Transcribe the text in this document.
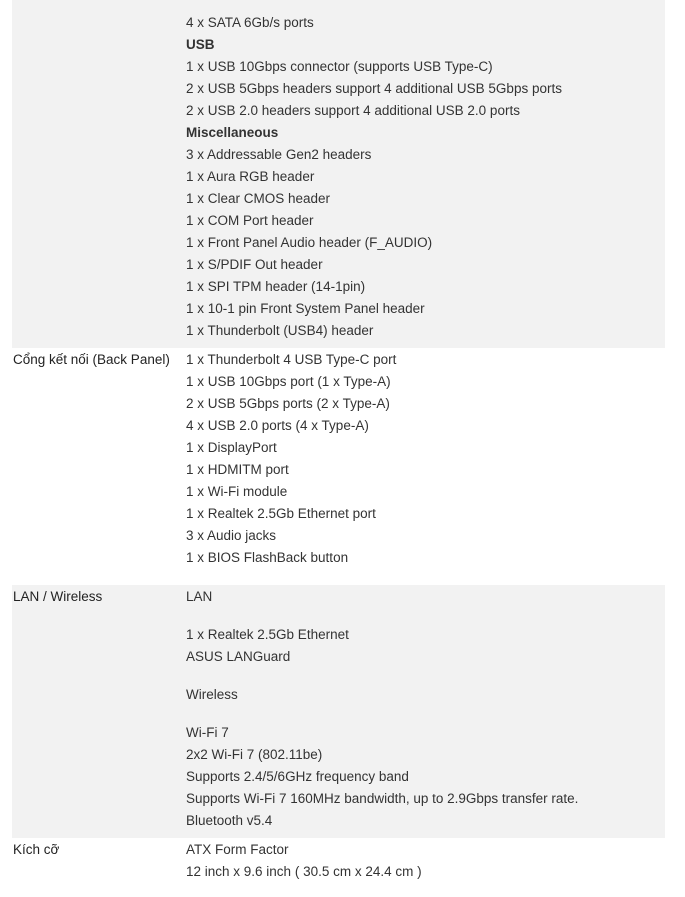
4 x SATA 6Gb/s ports
USB
1 x USB 10Gbps connector (supports USB Type-C)
2 x USB 5Gbps headers support 4 additional USB 5Gbps ports
2 x USB 2.0 headers support 4 additional USB 2.0 ports
Miscellaneous
3 x Addressable Gen2 headers
1 x Aura RGB header
1 x Clear CMOS header
1 x COM Port header
1 x Front Panel Audio header (F_AUDIO)
1 x S/PDIF Out header
1 x SPI TPM header (14-1pin)
1 x 10-1 pin Front System Panel header
1 x Thunderbolt (USB4) header
Cổng kết nối (Back Panel)	1 x Thunderbolt 4 USB Type-C port
1 x USB 10Gbps port (1 x Type-A)
2 x USB 5Gbps ports (2 x Type-A)
4 x USB 2.0 ports (4 x Type-A)
1 x DisplayPort
1 x HDMITM port
1 x Wi-Fi module
1 x Realtek 2.5Gb Ethernet port
3 x Audio jacks
1 x BIOS FlashBack button
LAN / Wireless	LAN
1 x Realtek 2.5Gb Ethernet
ASUS LANGuard
Wireless
Wi-Fi 7
2x2 Wi-Fi 7 (802.11be)
Supports 2.4/5/6GHz frequency band
Supports Wi-Fi 7 160MHz bandwidth, up to 2.9Gbps transfer rate.
Bluetooth v5.4
Kích cỡ	ATX Form Factor
12 inch x 9.6 inch ( 30.5 cm x 24.4 cm )
